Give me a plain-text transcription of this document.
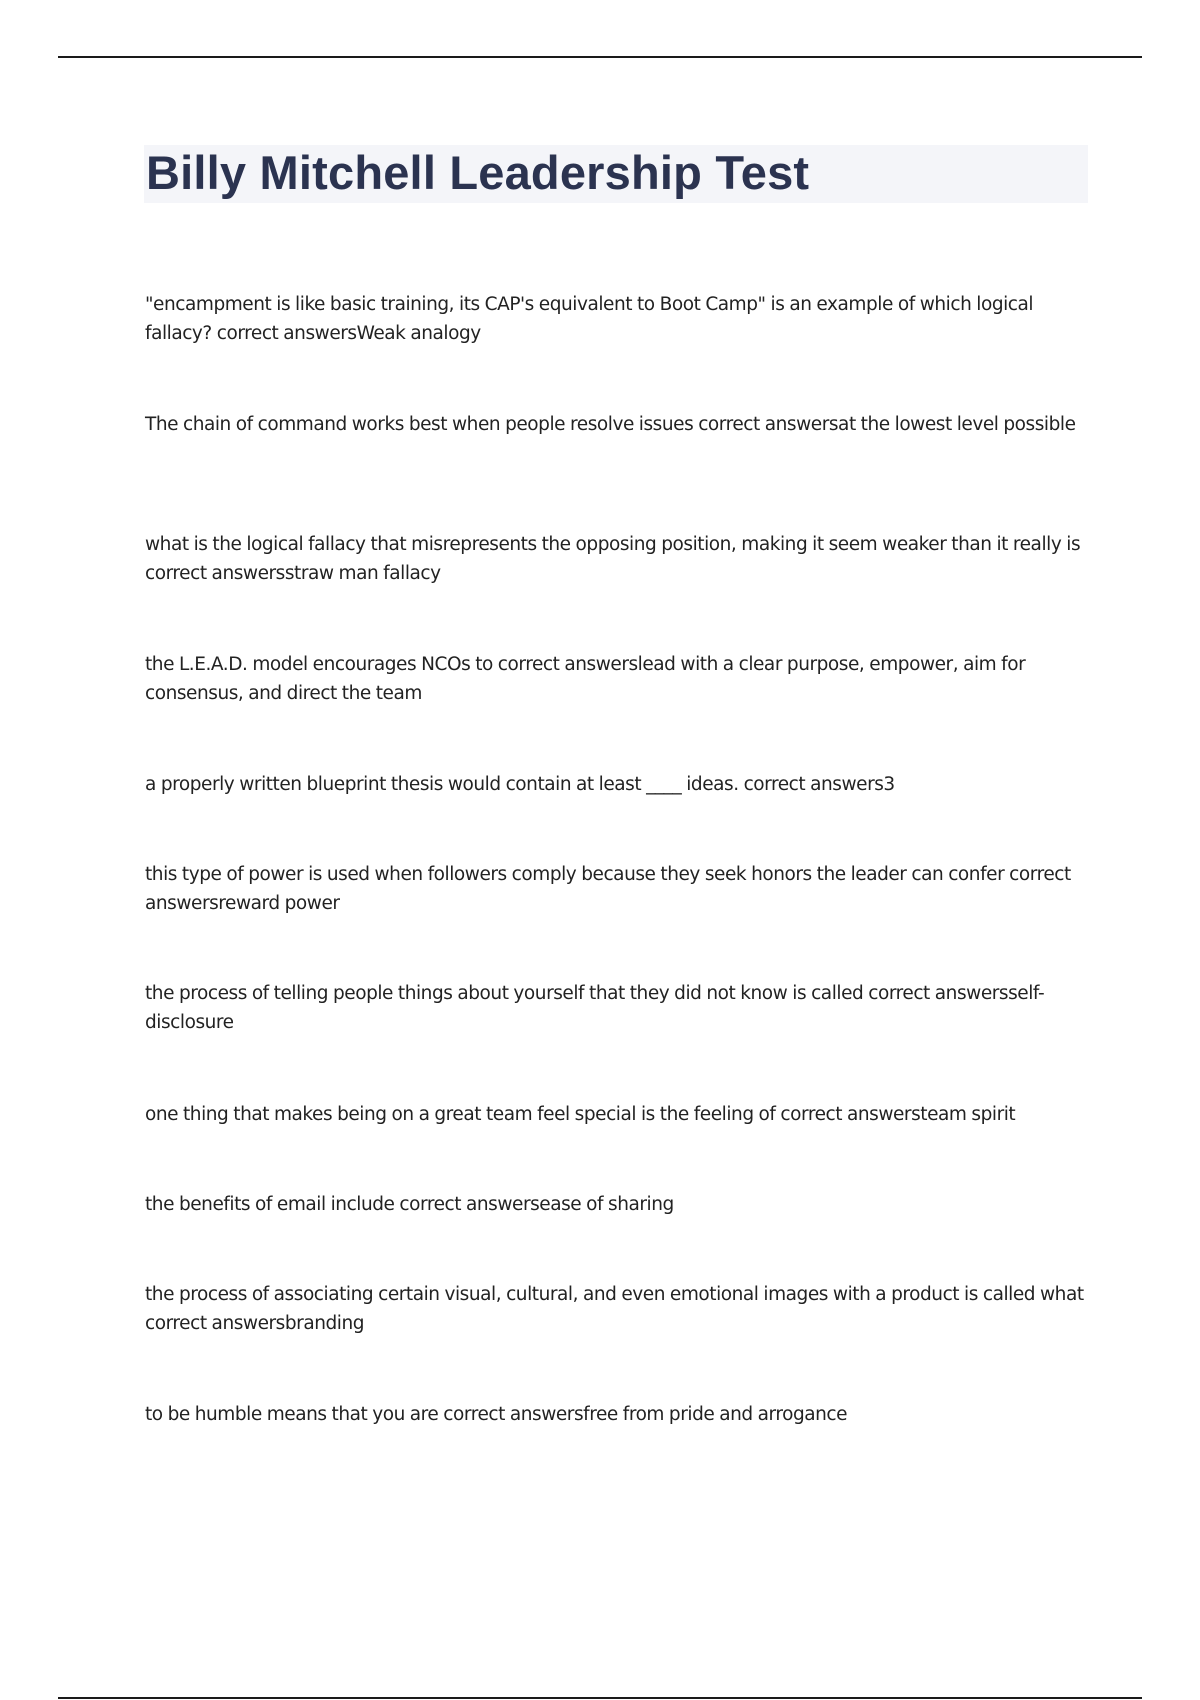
Billy Mitchell Leadership Test
"encampment is like basic training, its CAP's equivalent to Boot Camp" is an example of which logical fallacy? correct answersWeak analogy
The chain of command works best when people resolve issues correct answersat the lowest level possible
what is the logical fallacy that misrepresents the opposing position, making it seem weaker than it really is correct answersstraw man fallacy
the L.E.A.D. model encourages NCOs to correct answerslead with a clear purpose, empower, aim for consensus, and direct the team
a properly written blueprint thesis would contain at least ____ ideas. correct answers3
this type of power is used when followers comply because they seek honors the leader can confer correct answersreward power
the process of telling people things about yourself that they did not know is called correct answersself-disclosure
one thing that makes being on a great team feel special is the feeling of correct answersteam spirit
the benefits of email include correct answersease of sharing
the process of associating certain visual, cultural, and even emotional images with a product is called what correct answersbranding
to be humble means that you are correct answersfree from pride and arrogance
